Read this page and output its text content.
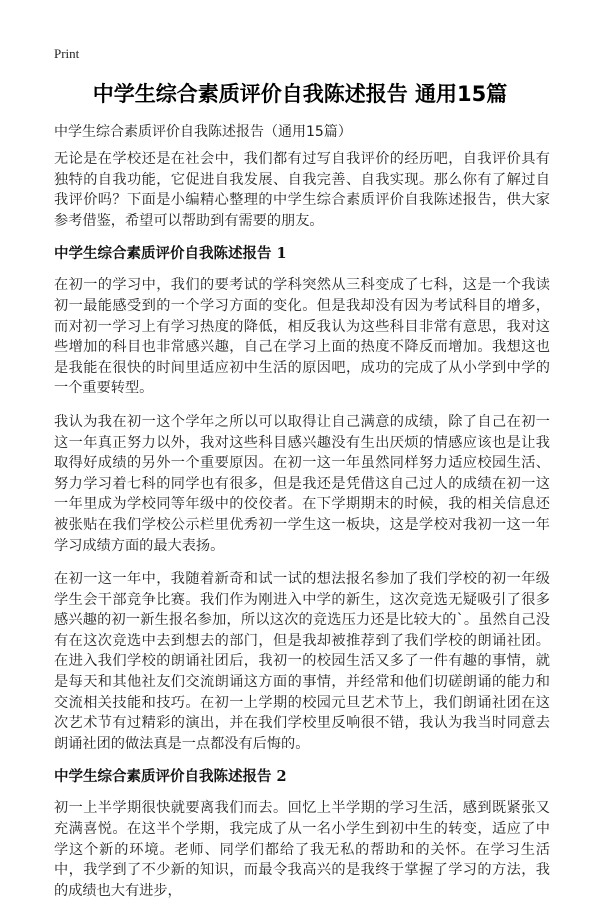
Print
中学生综合素质评价自我陈述报告 通用15篇
中学生综合素质评价自我陈述报告（通用15篇）

无论是在学校还是在社会中，我们都有过写自我评价的经历吧，自我评价具有独特的自我功能，它促进自我发展、自我完善、自我实现。那么你有了解过自我评价吗？下面是小编精心整理的中学生综合素质评价自我陈述报告，供大家参考借鉴，希望可以帮助到有需要的朋友。

中学生综合素质评价自我陈述报告 1

在初一的学习中，我们的要考试的学科突然从三科变成了七科，这是一个我读初一最能感受到的一个学习方面的变化。但是我却没有因为考试科目的增多，而对初一学习上有学习热度的降低，相反我认为这些科目非常有意思，我对这些增加的科目也非常感兴趣，自己在学习上面的热度不降反而增加。我想这也是我能在很快的时间里适应初中生活的原因吧，成功的完成了从小学到中学的一个重要转型。

我认为我在初一这个学年之所以可以取得让自己满意的成绩，除了自己在初一这一年真正努力以外，我对这些科目感兴趣没有生出厌烦的情感应该也是让我取得好成绩的另外一个重要原因。在初一这一年虽然同样努力适应校园生活、努力学习着七科的同学也有很多，但是我还是凭借这自己过人的成绩在初一这一年里成为学校同等年级中的佼佼者。在下学期期末的时候，我的相关信息还被张贴在我们学校公示栏里优秀初一学生这一板块，这是学校对我初一这一年学习成绩方面的最大表扬。

在初一这一年中，我随着新奇和试一试的想法报名参加了我们学校的初一年级学生会干部竞争比赛。我们作为刚进入中学的新生，这次竞选无疑吸引了很多感兴趣的初一新生报名参加，所以这次的竞选压力还是比较大的`。虽然自己没有在这次竞选中去到想去的部门，但是我却被推荐到了我们学校的朗诵社团。在进入我们学校的朗诵社团后，我初一的校园生活又多了一件有趣的事情，就是每天和其他社友们交流朗诵这方面的事情，并经常和他们切磋朗诵的能力和交流相关技能和技巧。在初一上学期的校园元旦艺术节上，我们朗诵社团在这次艺术节有过精彩的演出，并在我们学校里反响很不错，我认为我当时同意去朗诵社团的做法真是一点都没有后悔的。

中学生综合素质评价自我陈述报告 2

初一上半学期很快就要离我们而去。回忆上半学期的学习生活，感到既紧张又充满喜悦。在这半个学期，我完成了从一名小学生到初中生的转变，适应了中学这个新的环境。老师、同学们都给了我无私的帮助和的关怀。在学习生活中，我学到了不少新的知识，而最令我高兴的是我终于掌握了学习的方法，我的成绩也大有进步，
